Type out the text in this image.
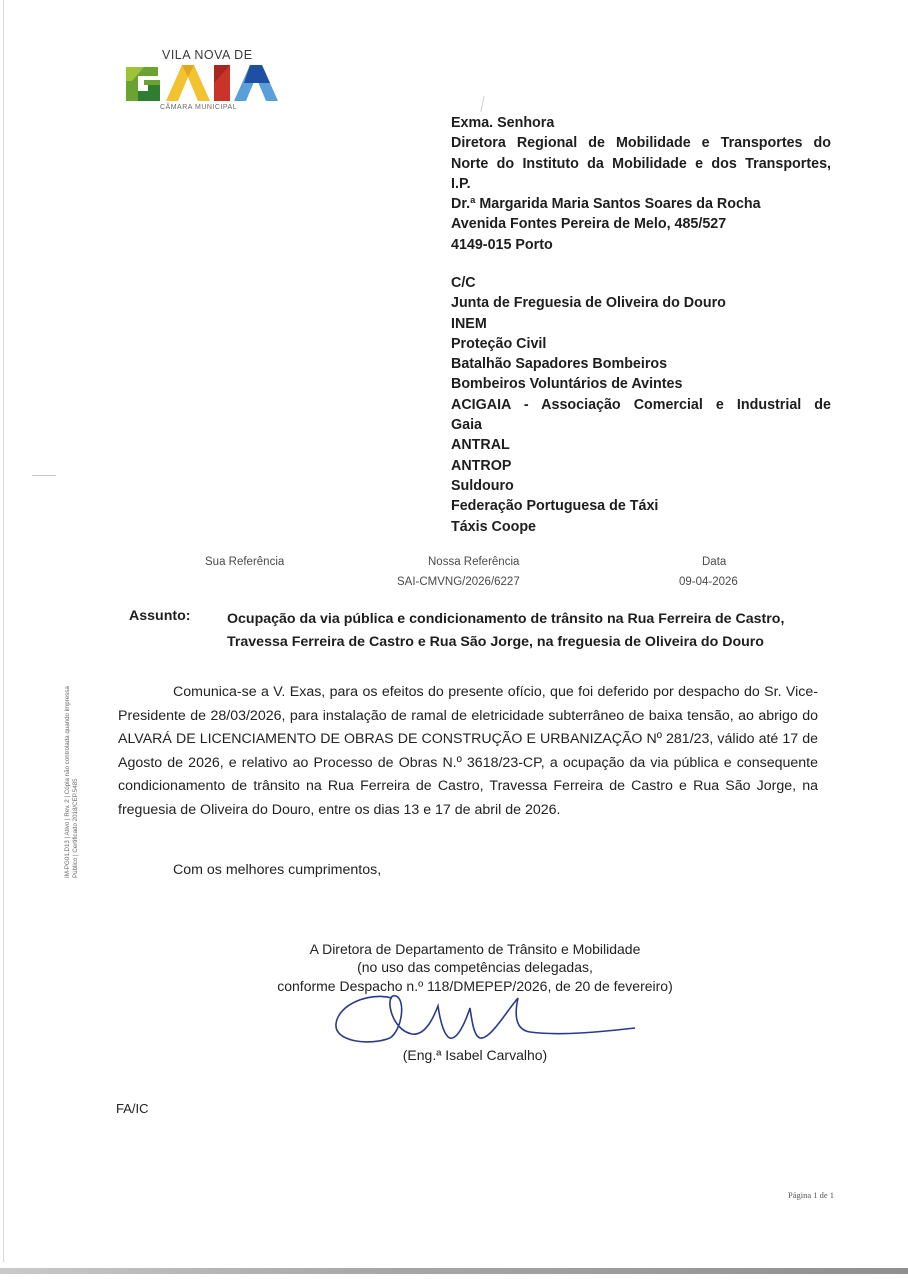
VILA NOVA DE
CÂMARA MUNICIPAL
Exma. Senhora
Diretora Regional de Mobilidade e Transportes do
Norte do Instituto da Mobilidade e dos Transportes,
I.P.
Dr.ª Margarida Maria Santos Soares da Rocha
Avenida Fontes Pereira de Melo, 485/527
4149-015 Porto
C/C
Junta de Freguesia de Oliveira do Douro
INEM
Proteção Civil
Batalhão Sapadores Bombeiros
Bombeiros Voluntários de Avintes
ACIGAIA - Associação Comercial e Industrial de
Gaia
ANTRAL
ANTROP
Suldouro
Federação Portuguesa de Táxi
Táxis Coope
Sua Referência	Nossa Referência
SAI-CMVNG/2026/6227
Data
09-04-2026
Assunto:	Ocupação da via pública e condicionamento de trânsito na Rua Ferreira de Castro,
Travessa Ferreira de Castro e Rua São Jorge, na freguesia de Oliveira do Douro
Comunica-se a V. Exas, para os efeitos do presente ofício, que foi deferido por despacho do Sr. Vice-Presidente de 28/03/2026, para instalação de ramal de eletricidade subterrâneo de baixa tensão, ao abrigo do ALVARÁ DE LICENCIAMENTO DE OBRAS DE CONSTRUÇÃO E URBANIZAÇÃO Nº 281/23, válido até 17 de Agosto de 2026, e relativo ao Processo de Obras N.º 3618/23-CP, a ocupação da via pública e consequente condicionamento de trânsito na Rua Ferreira de Castro, Travessa Ferreira de Castro e Rua São Jorge, na freguesia de Oliveira do Douro, entre os dias 13 e 17 de abril de 2026.
Com os melhores cumprimentos,
A Diretora de Departamento de Trânsito e Mobilidade
(no uso das competências delegadas,
conforme Despacho n.º 118/DMEPEP/2026, de 20 de fevereiro)
(Eng.ª Isabel Carvalho)
FA/IC
Página 1 de 1
IM-PG01.D13 | Ativo | Rev. 2 | Cópia não controlada quando impressa Público | Certificado 2018/CEP.5485
